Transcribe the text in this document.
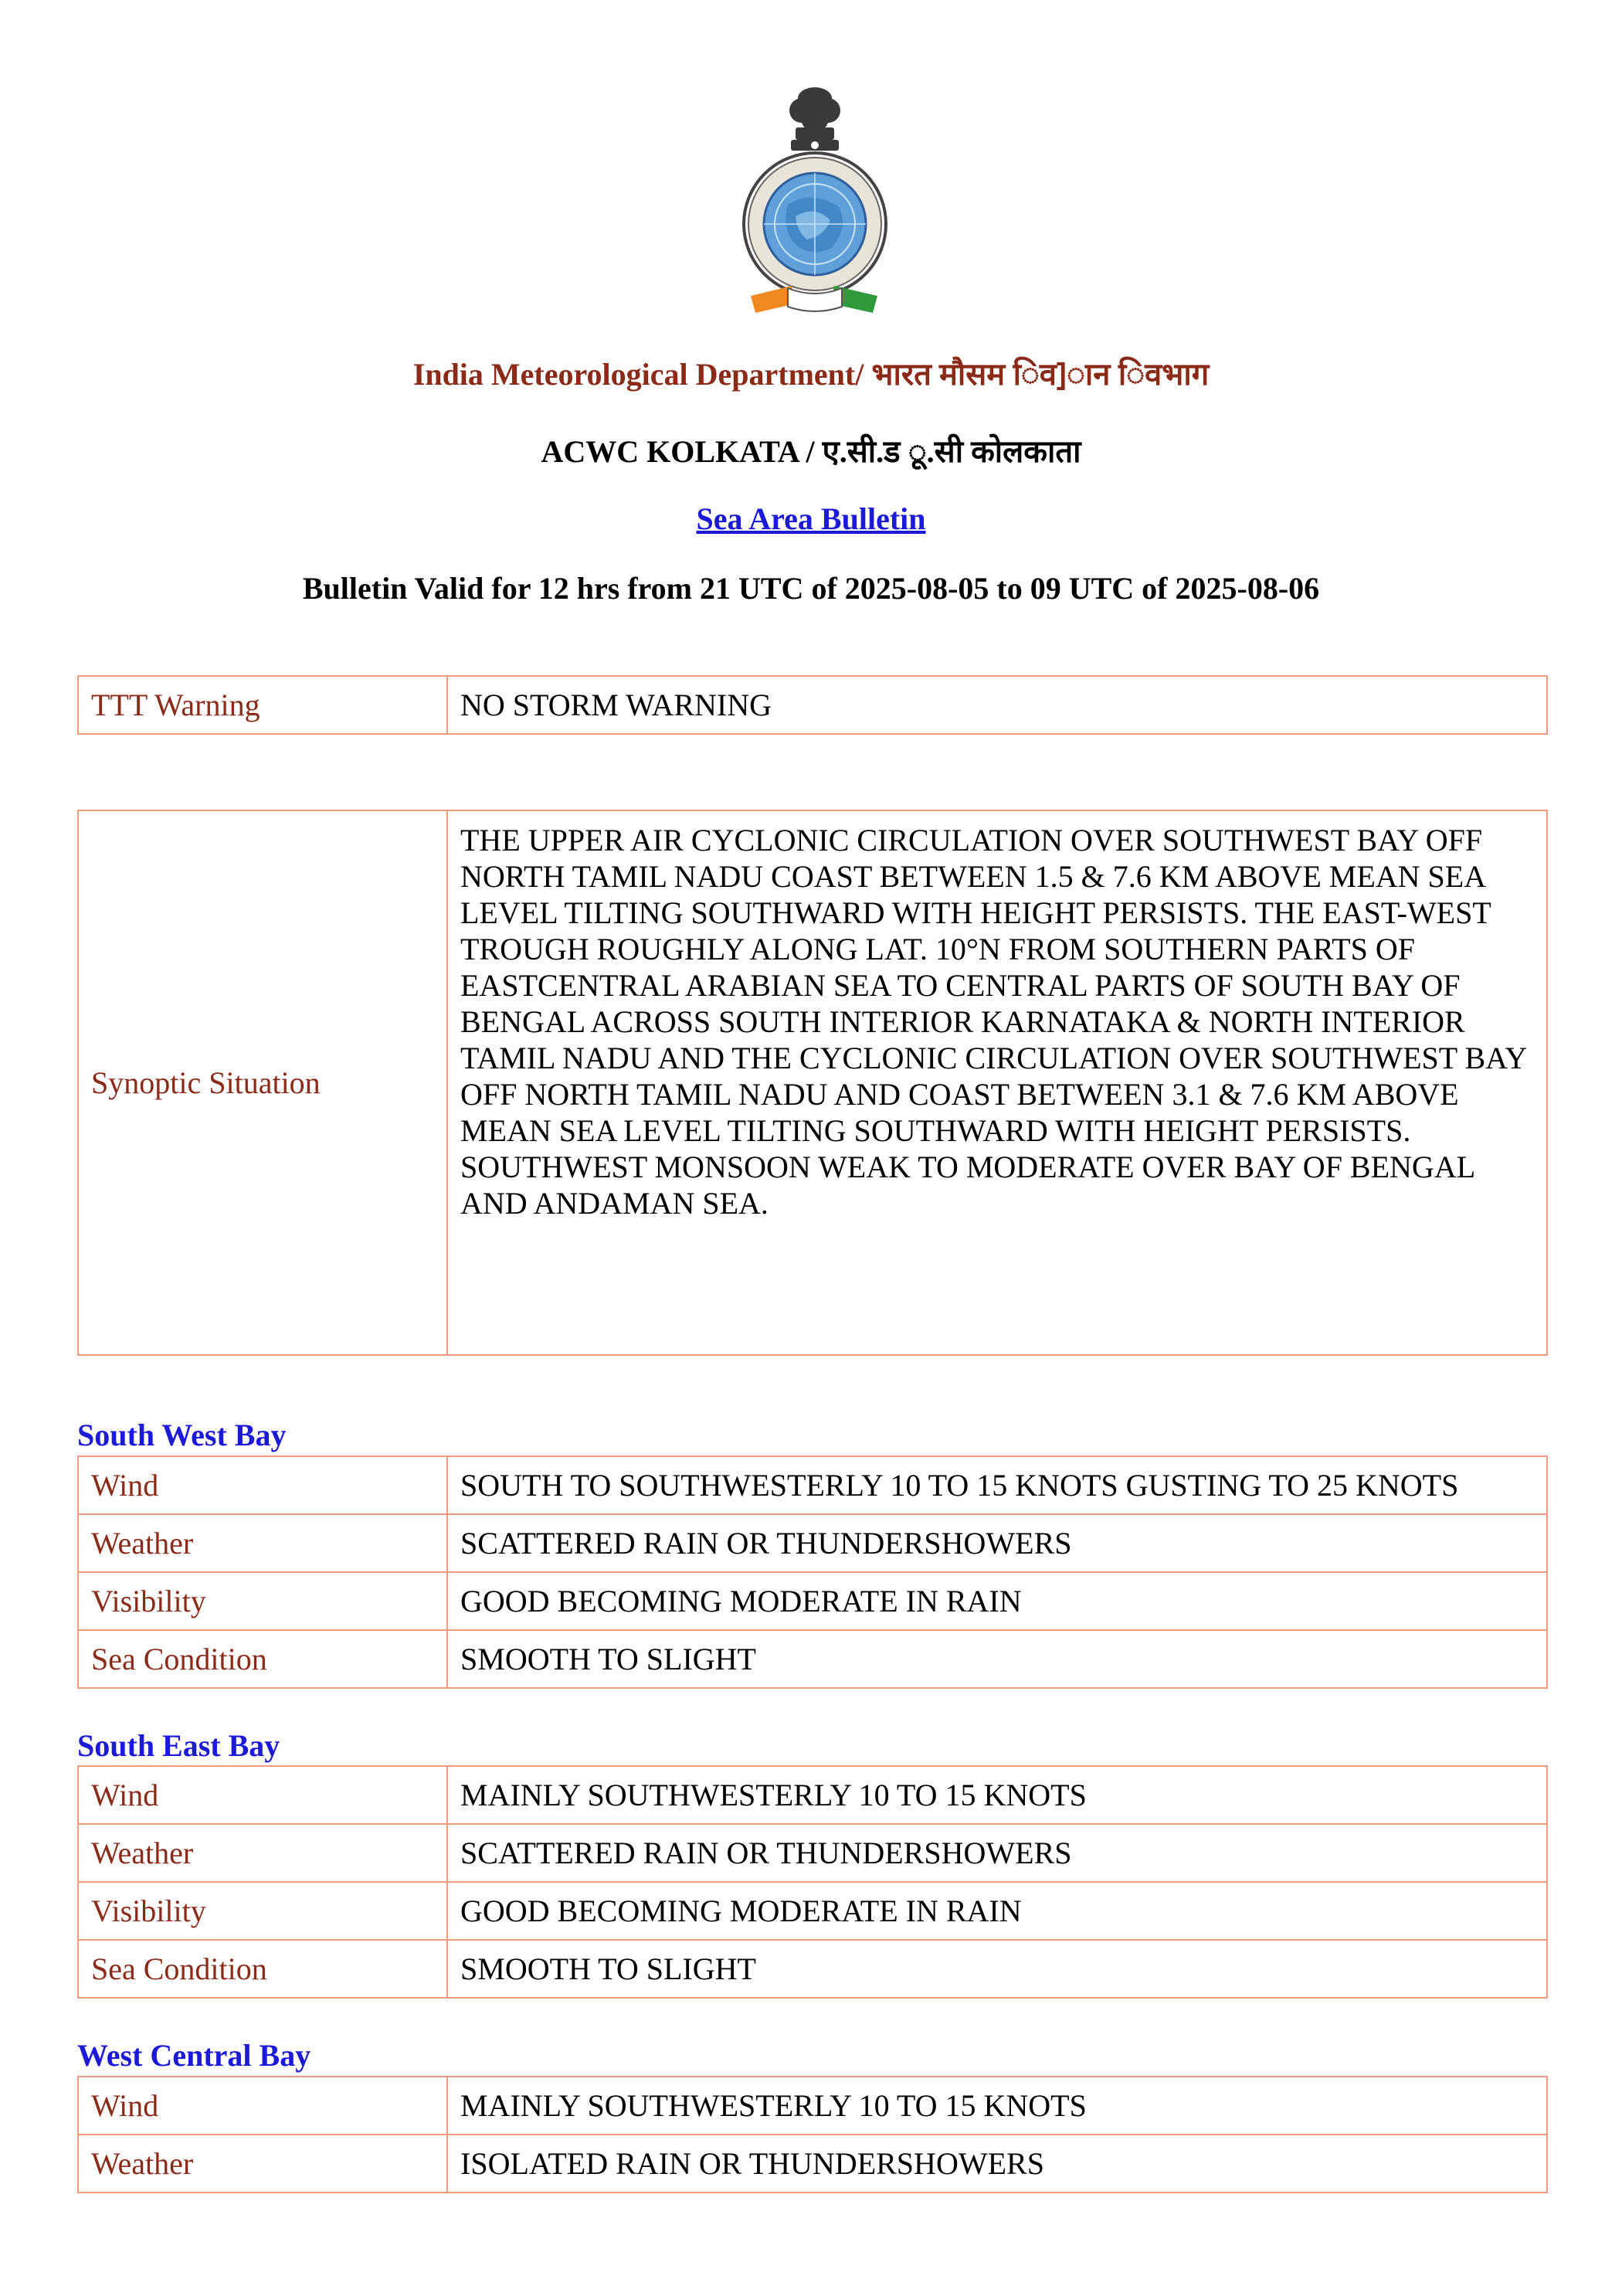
India Meteorological Department/ भारत मौसम िव]ान िवभाग
ACWC KOLKATA / ए.सी.ड ू.सी कोलकाता
Sea Area Bulletin
Bulletin Valid for 12 hrs from 21 UTC of 2025-08-05 to 09 UTC of 2025-08-06
TTT Warning	NO STORM WARNING
Synoptic Situation	THE UPPER AIR CYCLONIC CIRCULATION OVER SOUTHWEST BAY OFF NORTH TAMIL NADU COAST BETWEEN 1.5 & 7.6 KM ABOVE MEAN SEA LEVEL TILTING SOUTHWARD WITH HEIGHT PERSISTS. THE EAST-WEST TROUGH ROUGHLY ALONG LAT. 10°N FROM SOUTHERN PARTS OF EASTCENTRAL ARABIAN SEA TO CENTRAL PARTS OF SOUTH BAY OF BENGAL ACROSS SOUTH INTERIOR KARNATAKA & NORTH INTERIOR TAMIL NADU AND THE CYCLONIC CIRCULATION OVER SOUTHWEST BAY OFF NORTH TAMIL NADU AND COAST BETWEEN 3.1 & 7.6 KM ABOVE MEAN SEA LEVEL TILTING SOUTHWARD WITH HEIGHT PERSISTS. SOUTHWEST MONSOON WEAK TO MODERATE OVER BAY OF BENGAL AND ANDAMAN SEA.
South West Bay
Wind	SOUTH TO SOUTHWESTERLY 10 TO 15 KNOTS GUSTING TO 25 KNOTS
Weather	SCATTERED RAIN OR THUNDERSHOWERS
Visibility	GOOD BECOMING MODERATE IN RAIN
Sea Condition	SMOOTH TO SLIGHT
South East Bay
Wind	MAINLY SOUTHWESTERLY 10 TO 15 KNOTS
Weather	SCATTERED RAIN OR THUNDERSHOWERS
Visibility	GOOD BECOMING MODERATE IN RAIN
Sea Condition	SMOOTH TO SLIGHT
West Central Bay
Wind	MAINLY SOUTHWESTERLY 10 TO 15 KNOTS
Weather	ISOLATED RAIN OR THUNDERSHOWERS
